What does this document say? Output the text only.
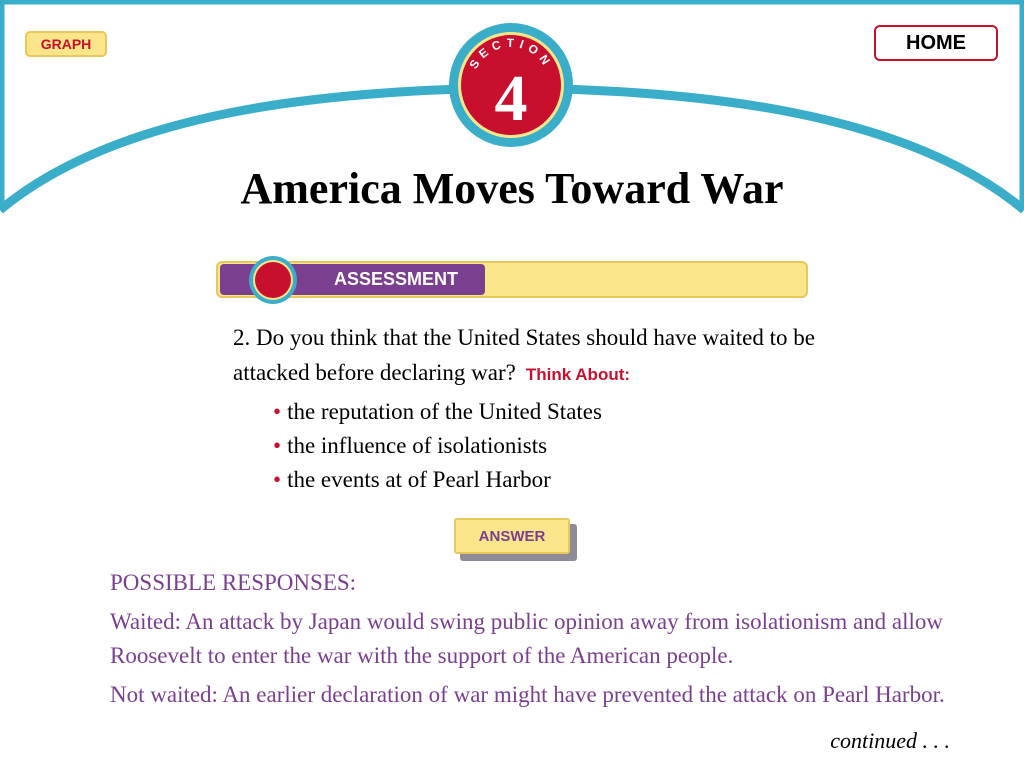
GRAPH	HOME
SECTION
4
America Moves Toward War
ASSESSMENT
2. Do you think that the United States should have waited to be attacked before declaring war? Think About:
• the reputation of the United States
• the influence of isolationists
• the events at of Pearl Harbor
ANSWER

POSSIBLE RESPONSES:

Waited: An attack by Japan would swing public opinion away from isolationism and allow Roosevelt to enter the war with the support of the American people.

Not waited: An earlier declaration of war might have prevented the attack on Pearl Harbor.

continued . . .
